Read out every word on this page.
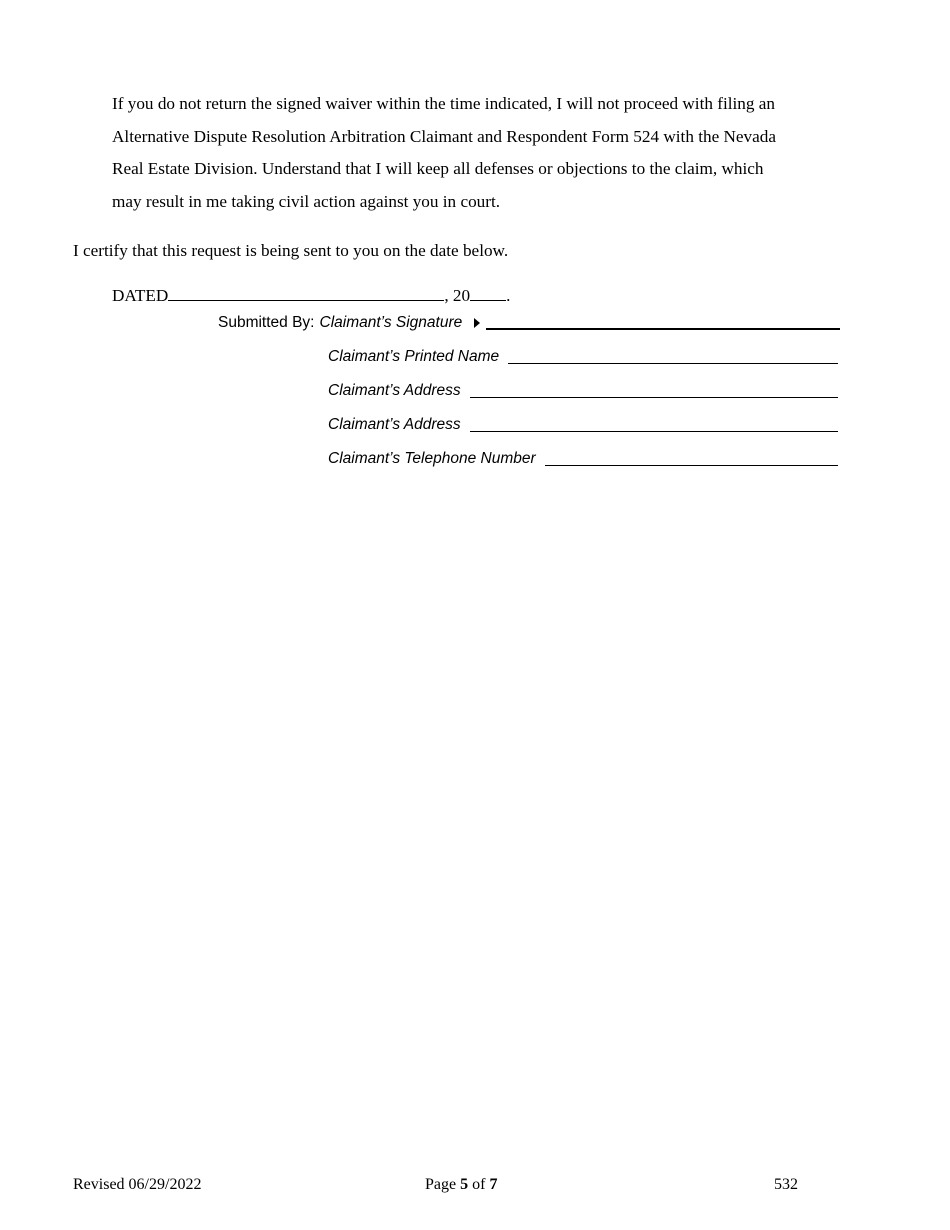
If you do not return the signed waiver within the time indicated, I will not proceed with filing an
Alternative Dispute Resolution Arbitration Claimant and Respondent Form 524 with the Nevada
Real Estate Division. Understand that I will keep all defenses or objections to the claim, which
may result in me taking civil action against you in court.

I certify that this request is being sent to you on the date below.

DATED	, 20 .
Submitted By: Claimant’s Signature
Claimant’s Printed Name
Claimant’s Address
Claimant’s Address
Claimant’s Telephone Number
Revised 06/29/2022	Page 5 of 7	532
